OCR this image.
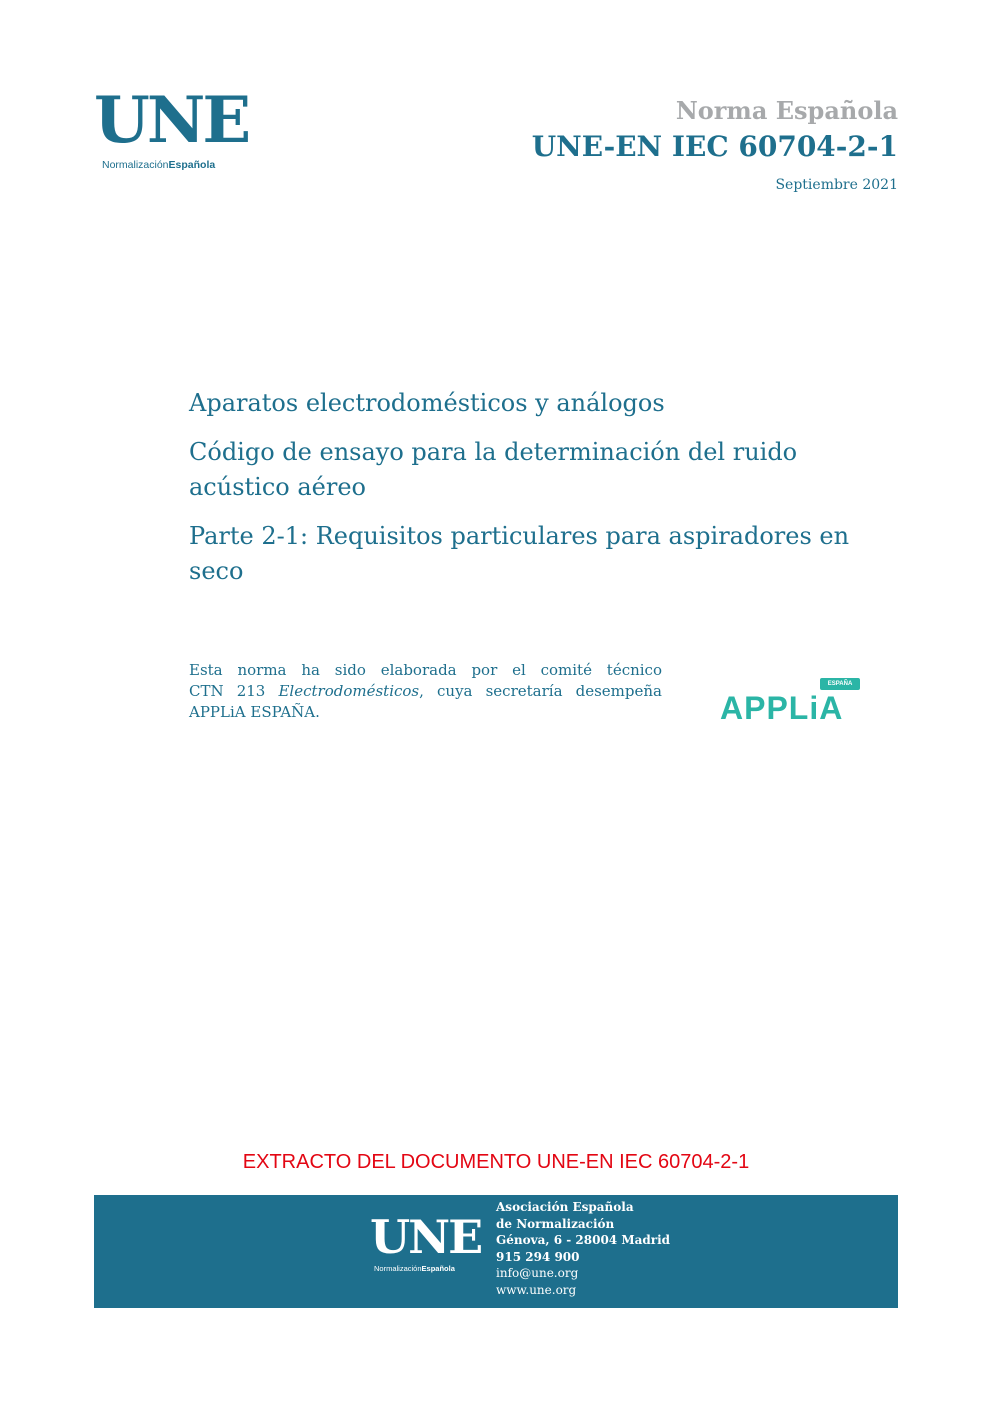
UNE
NormalizaciónEspañola
Norma Española
UNE-EN IEC 60704-2-1
Septiembre 2021
Aparatos electrodomésticos y análogos
Código de ensayo para la determinación del ruido
acústico aéreo
Parte 2-1: Requisitos particulares para aspiradores en
seco
Esta norma ha sido elaborada por el comité técnico
CTN 213 Electrodomésticos, cuya secretaría desempeña
APPLiA ESPAÑA.
ESPAÑA
APPLiA
EXTRACTO DEL DOCUMENTO UNE-EN IEC 60704-2-1
UNE
NormalizaciónEspañola
Asociación Española
de Normalización
Génova, 6 - 28004 Madrid
915 294 900
info@une.org
www.une.org
